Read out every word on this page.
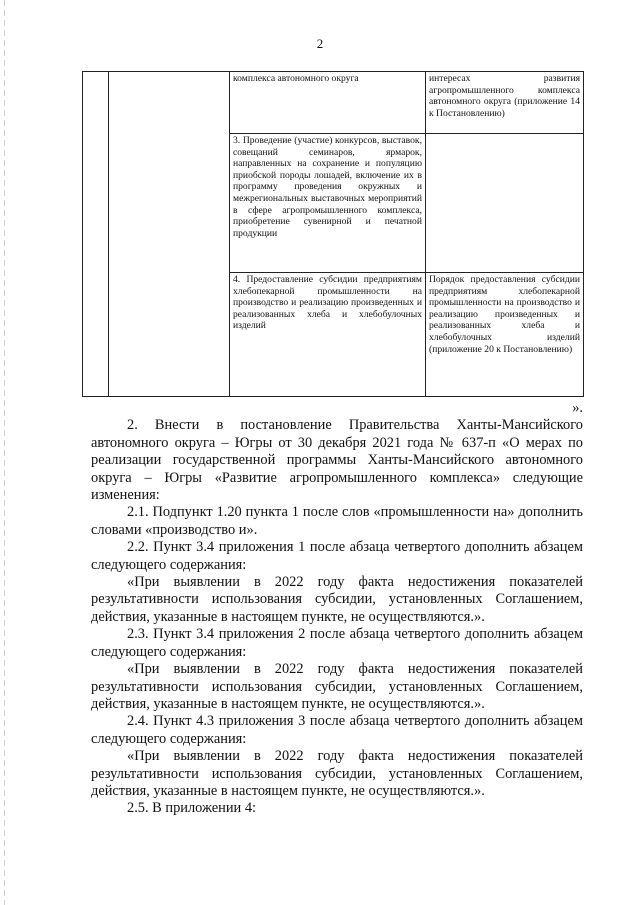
2
		комплекса автономного округа	интересах развития агропромышленного комплекса автономного округа (приложение 14 к Постановлению)
		3. Проведение (участие) конкурсов, выставок, совещаний семинаров, ярмарок, направленных на сохранение и популяцию приобской породы лошадей, включение их в программу проведения окружных и межрегиональных выставочных мероприятий в сфере агропромышленного комплекса, приобретение сувенирной и печатной продукции	
		4. Предоставление субсидии предприятиям хлебопекарной промышленности на производство и реализацию произведенных и реализованных хлеба и хлебобулочных изделий	Порядок предоставления субсидии предприятиям хлебопекарной промышленности на производство и реализацию произведенных и реализованных хлеба и хлебобулочных изделий (приложение 20 к Постановлению)

».

2. Внести в постановление Правительства Ханты-Мансийского автономного округа – Югры от 30 декабря 2021 года № 637-п «О мерах по реализации государственной программы Ханты-Мансийского автономного округа – Югры «Развитие агропромышленного комплекса» следующие изменения:

2.1. Подпункт 1.20 пункта 1 после слов «промышленности на» дополнить словами «производство и».

2.2. Пункт 3.4 приложения 1 после абзаца четвертого дополнить абзацем следующего содержания:

«При выявлении в 2022 году факта недостижения показателей результативности использования субсидии, установленных Соглашением, действия, указанные в настоящем пункте, не осуществляются.».

2.3. Пункт 3.4 приложения 2 после абзаца четвертого дополнить абзацем следующего содержания:

«При выявлении в 2022 году факта недостижения показателей результативности использования субсидии, установленных Соглашением, действия, указанные в настоящем пункте, не осуществляются.».

2.4. Пункт 4.3 приложения 3 после абзаца четвертого дополнить абзацем следующего содержания:

«При выявлении в 2022 году факта недостижения показателей результативности использования субсидии, установленных Соглашением, действия, указанные в настоящем пункте, не осуществляются.».

2.5. В приложении 4:
